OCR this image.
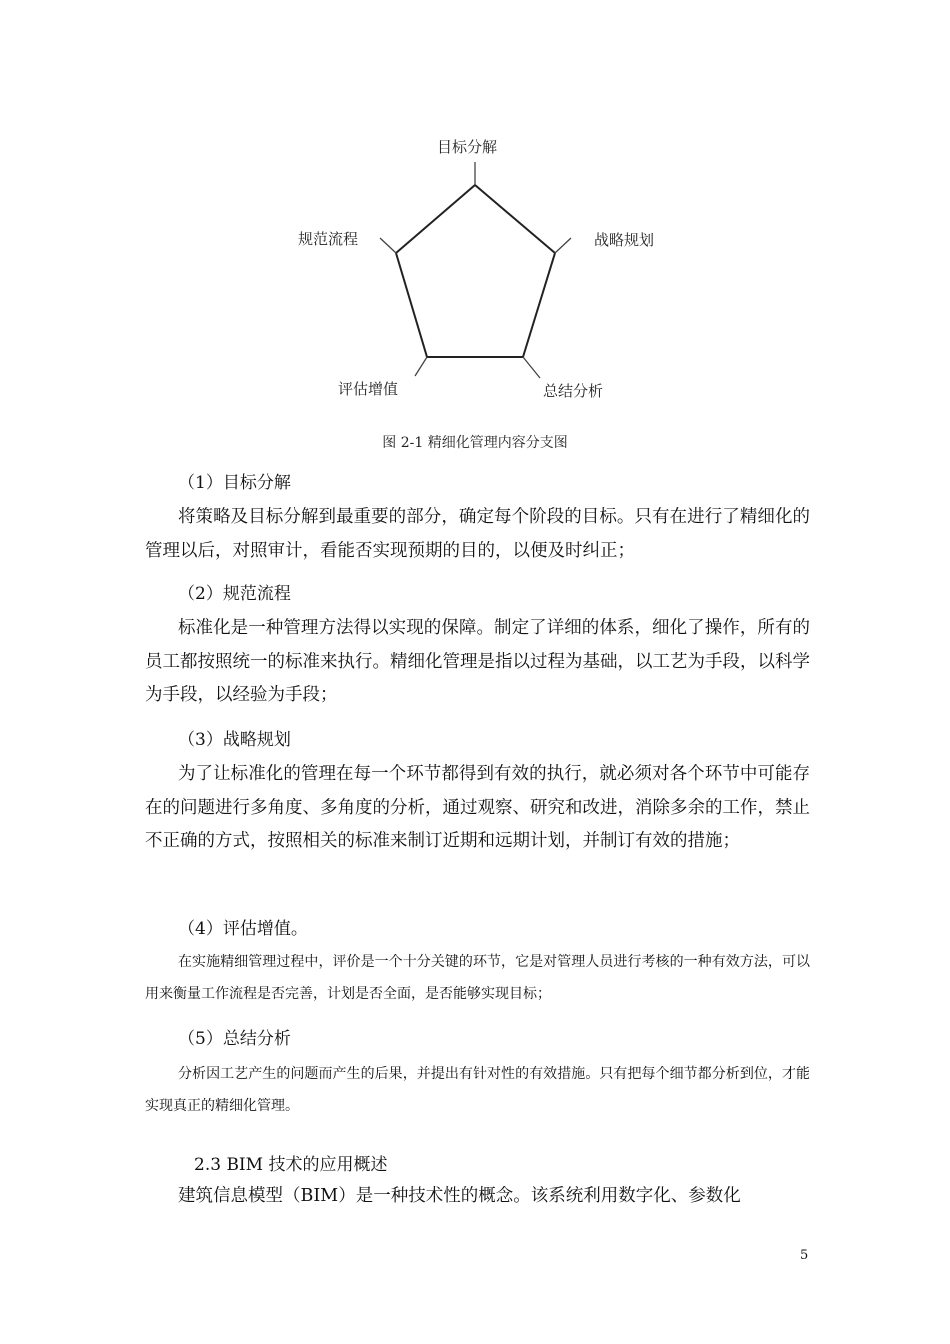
目标分解
战略规划
总结分析
评估增值
规范流程
图 2-1 精细化管理内容分支图
（1）目标分解

将策略及目标分解到最重要的部分，确定每个阶段的目标。只有在进行了精细化的管理以后，对照审计，看能否实现预期的目的，以便及时纠正；

（2）规范流程

标准化是一种管理方法得以实现的保障。制定了详细的体系，细化了操作，所有的员工都按照统一的标准来执行。精细化管理是指以过程为基础，以工艺为手段，以科学为手段，以经验为手段；

（3）战略规划

为了让标准化的管理在每一个环节都得到有效的执行，就必须对各个环节中可能存在的问题进行多角度、多角度的分析，通过观察、研究和改进，消除多余的工作，禁止不正确的方式，按照相关的标准来制订近期和远期计划，并制订有效的措施；

（4）评估增值。

在实施精细管理过程中，评价是一个十分关键的环节，它是对管理人员进行考核的一种有效方法，可以用来衡量工作流程是否完善，计划是否全面，是否能够实现目标；

（5）总结分析

分析因工艺产生的问题而产生的后果，并提出有针对性的有效措施。只有把每个细节都分析到位，才能实现真正的精细化管理。

2.3 BIM 技术的应用概述

建筑信息模型（BIM）是一种技术性的概念。该系统利用数字化、参数化

5
